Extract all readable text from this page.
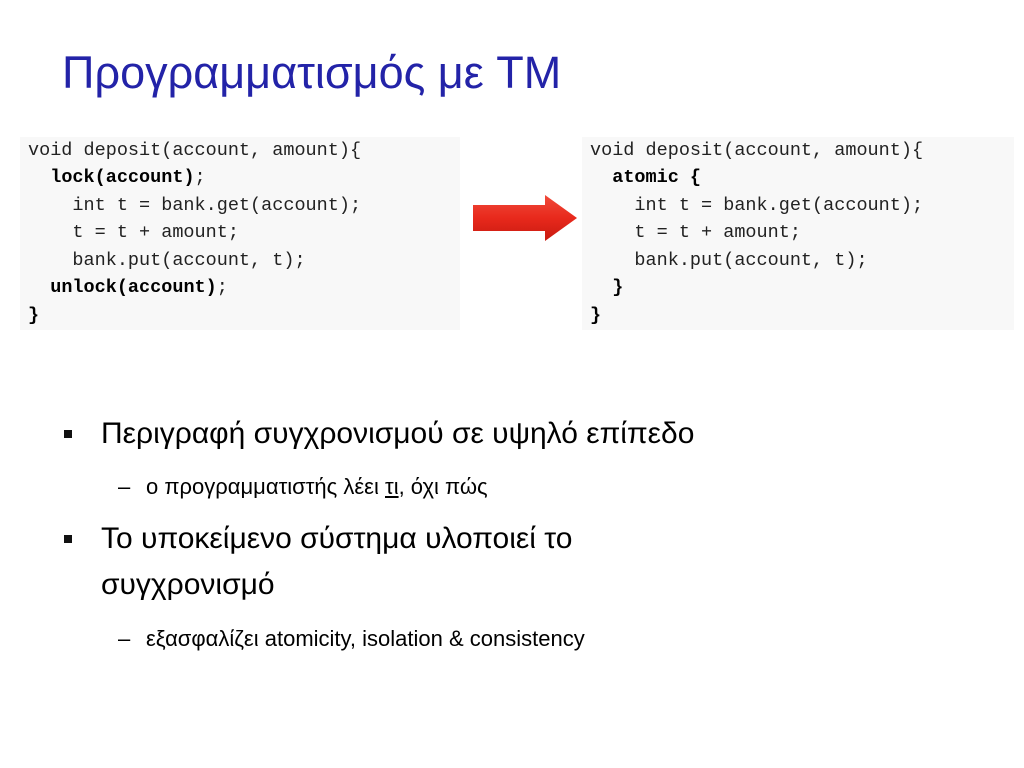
Προγραμματισμός με TM
void deposit(account, amount){
lock(account);
int t = bank.get(account);
t = t + amount;
bank.put(account, t);
unlock(account);
}
void deposit(account, amount){
atomic {
int t = bank.get(account);
t = t + amount;
bank.put(account, t);
}
}
Περιγραφή συγχρονισμού σε υψηλό επίπεδο
– ο προγραμματιστής λέει τι, όχι πώς
Το υποκείμενο σύστημα υλοποιεί το
συγχρονισμό
– εξασφαλίζει atomicity, isolation & consistency
